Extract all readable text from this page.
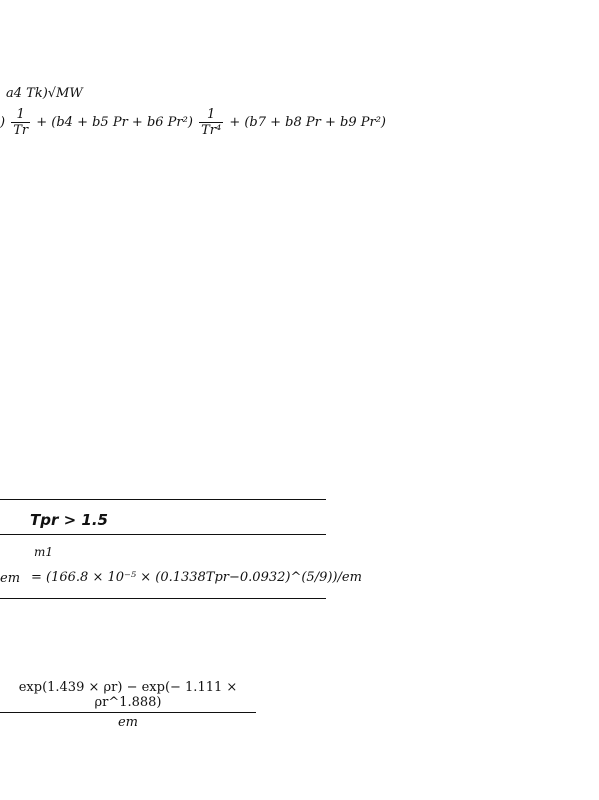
a4 Tk)√MW
) $\frac{1}{Tr} + (b4 + b5$ Pr + b6 $Pr^2) \frac{1}{\text{Tr⁴}} + (b7 + b8$ Pr + b9 Pr²)
Tpr > 1.5
m1
em = (166.8 × 10⁻⁵ × (0.1338Tpr−0.0932)^(5/9))/em
$\frac{\exp(1.439 \times \rho r) - \exp(- 1.111 \times \rho r\^{}1.888)}{em}$
